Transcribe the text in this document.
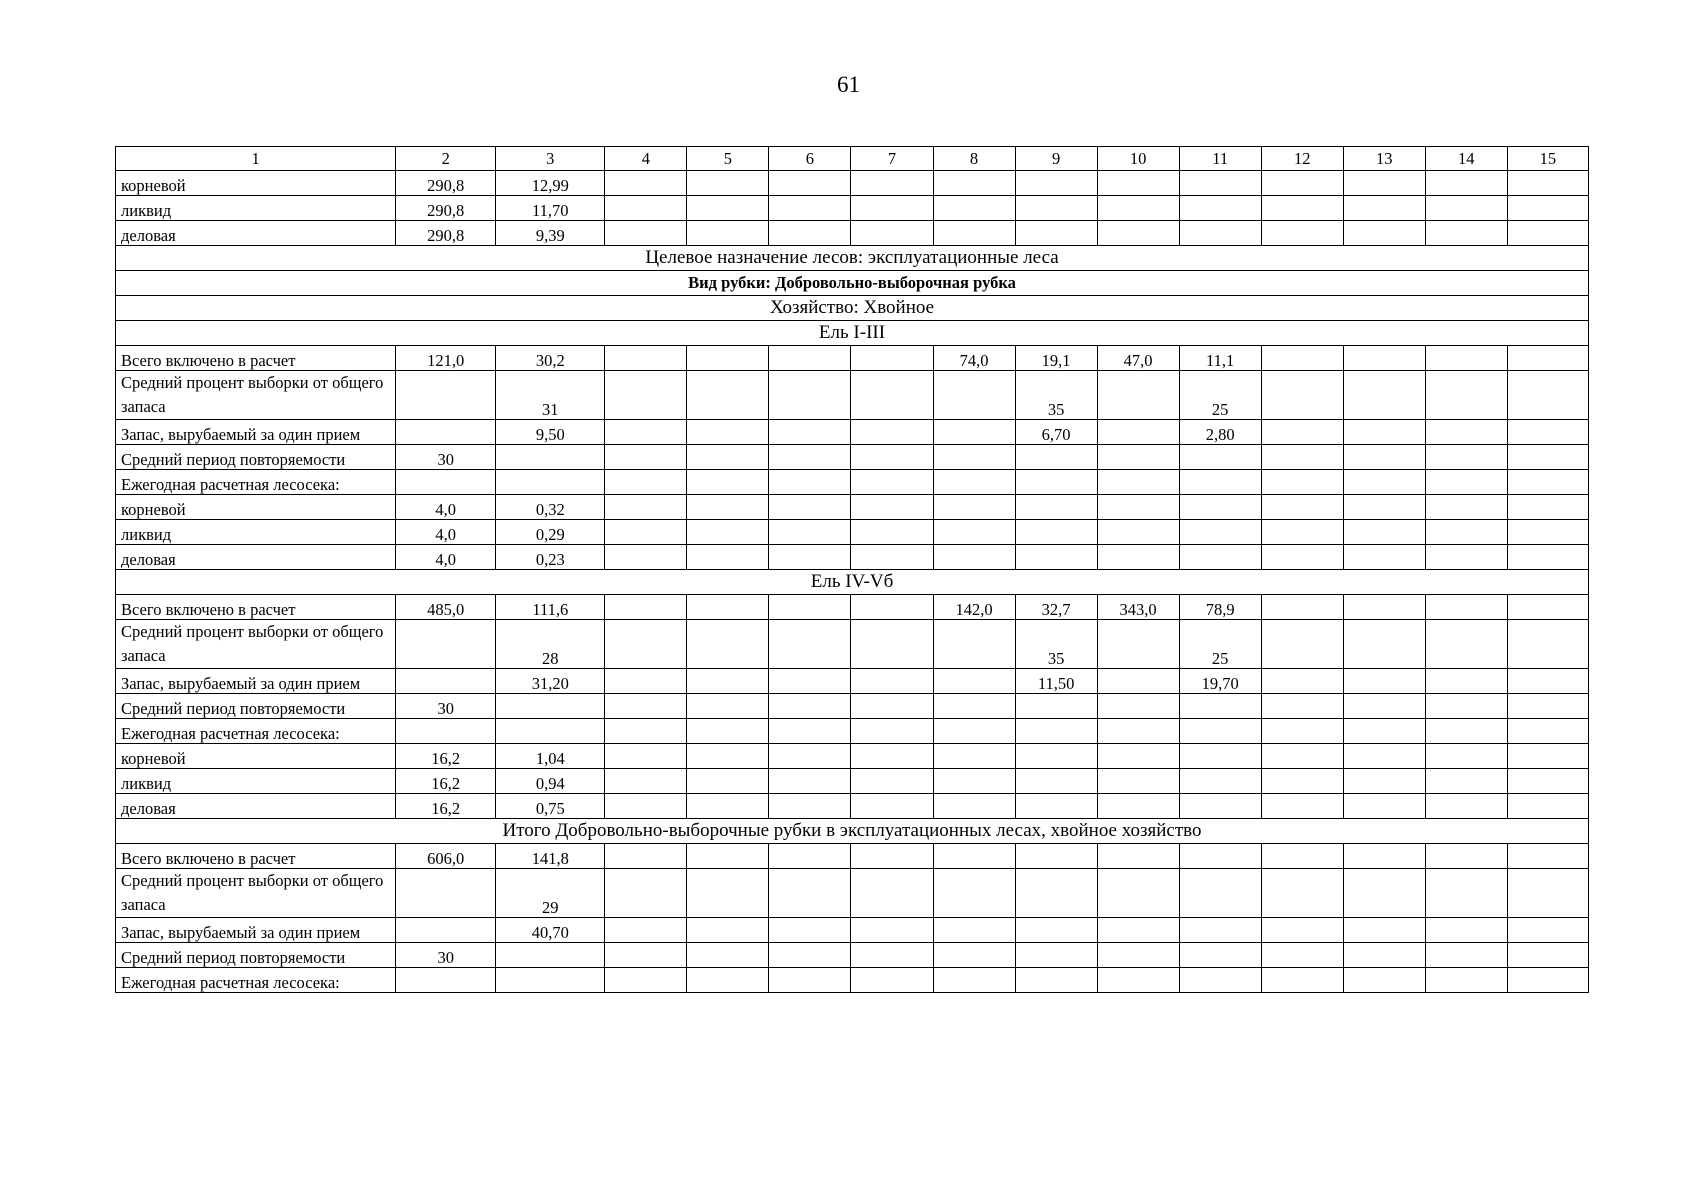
61
1	2	3	4	5	6	7	8	9	10	11	12	13	14	15
корневой	290,8	12,99												
ликвид	290,8	11,70												
деловая	290,8	9,39												
Целевое назначение лесов: эксплуатационные леса														
Вид рубки: Добровольно-выборочная рубка														
Хозяйство: Хвойное														
Ель I-III														
Всего включено в расчет	121,0	30,2					74,0	19,1	47,0	11,1				
Средний процент выборки от общего запаса		31						35		25				
Запас, вырубаемый за один прием		9,50						6,70		2,80				
Средний период повторяемости	30													
Ежегодная расчетная лесосека:														
корневой	4,0	0,32												
ликвид	4,0	0,29												
деловая	4,0	0,23												
Ель IV-Vб														
Всего включено в расчет	485,0	111,6					142,0	32,7	343,0	78,9				
Средний процент выборки от общего запаса		28						35		25				
Запас, вырубаемый за один прием		31,20						11,50		19,70				
Средний период повторяемости	30													
Ежегодная расчетная лесосека:														
корневой	16,2	1,04												
ликвид	16,2	0,94												
деловая	16,2	0,75												
Итого Добровольно-выборочные рубки в эксплуатационных лесах, хвойное хозяйство														
Всего включено в расчет	606,0	141,8												
Средний процент выборки от общего запаса		29												
Запас, вырубаемый за один прием		40,70												
Средний период повторяемости	30													
Ежегодная расчетная лесосека:														
